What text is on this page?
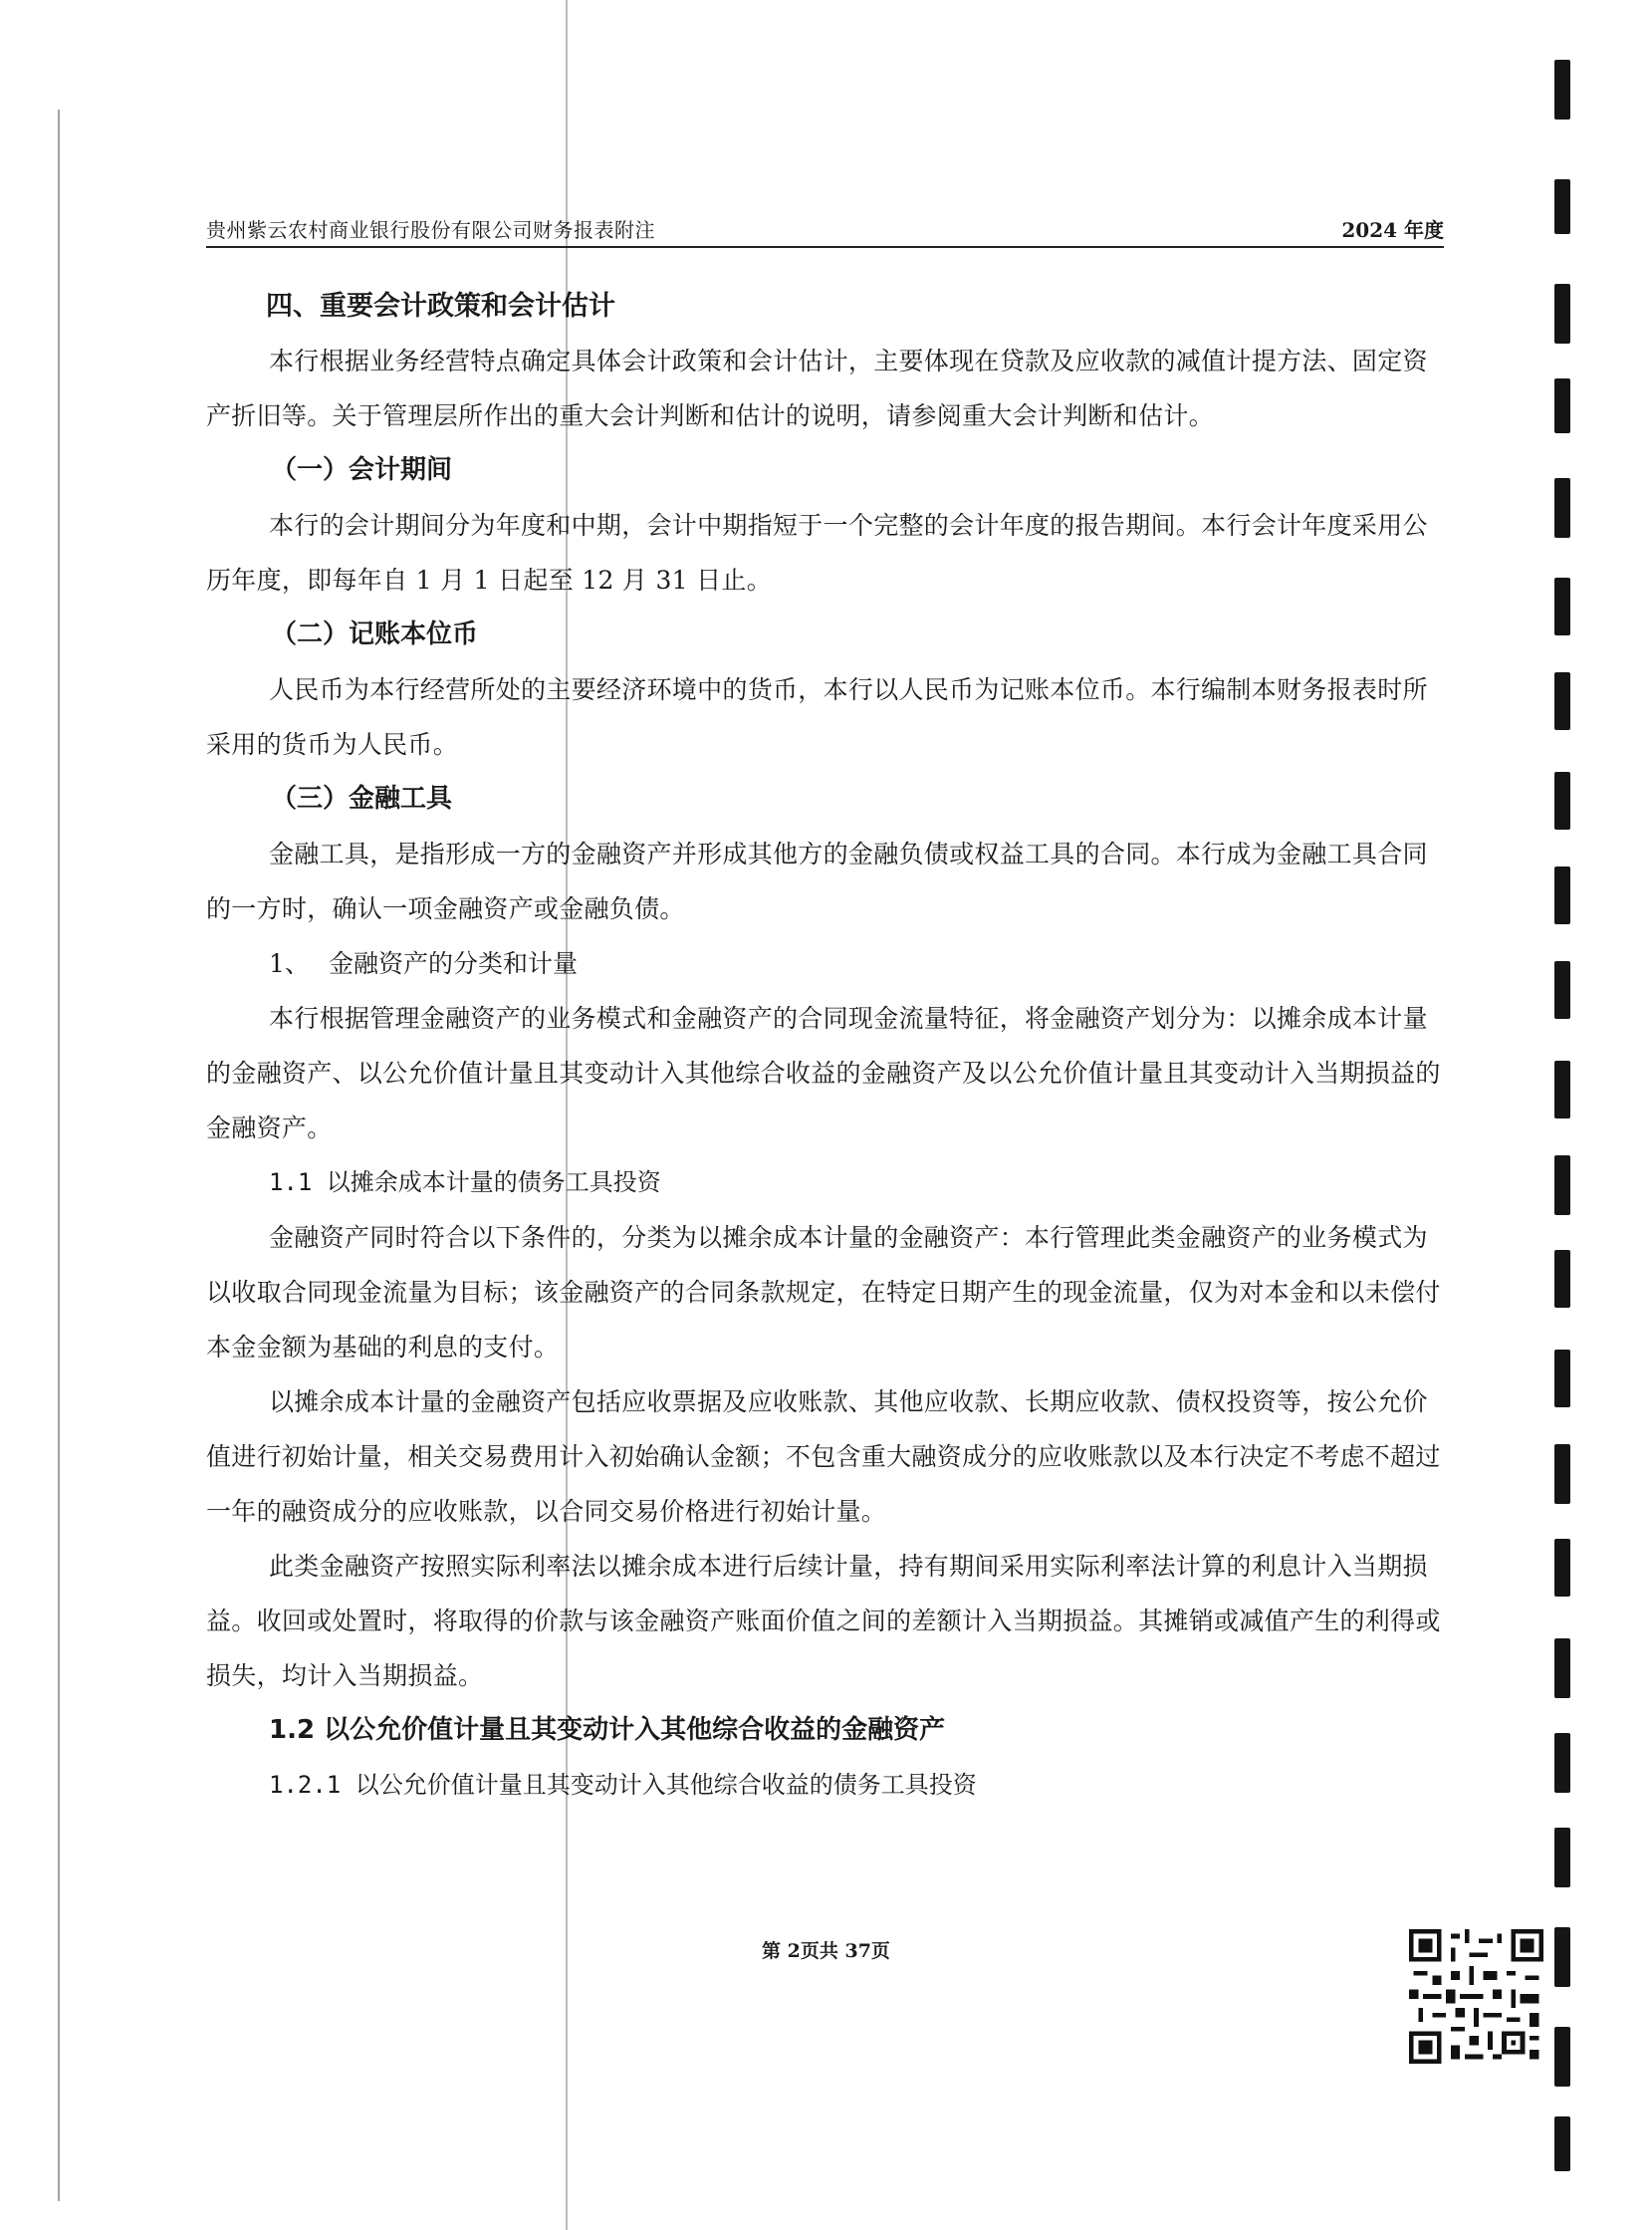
贵州紫云农村商业银行股份有限公司财务报表附注	2024 年度

四、重要会计政策和会计估计

本行根据业务经营特点确定具体会计政策和会计估计，主要体现在贷款及应收款的减值计提方法、固定资产折旧等。关于管理层所作出的重大会计判断和估计的说明，请参阅重大会计判断和估计。

（一）会计期间

本行的会计期间分为年度和中期，会计中期指短于一个完整的会计年度的报告期间。本行会计年度采用公历年度，即每年自 1 月 1 日起至 12 月 31 日止。

（二）记账本位币

人民币为本行经营所处的主要经济环境中的货币，本行以人民币为记账本位币。本行编制本财务报表时所采用的货币为人民币。

（三）金融工具

金融工具，是指形成一方的金融资产并形成其他方的金融负债或权益工具的合同。本行成为金融工具合同的一方时，确认一项金融资产或金融负债。

1、 金融资产的分类和计量

本行根据管理金融资产的业务模式和金融资产的合同现金流量特征，将金融资产划分为：以摊余成本计量的金融资产、以公允价值计量且其变动计入其他综合收益的金融资产及以公允价值计量且其变动计入当期损益的金融资产。

1.1 以摊余成本计量的债务工具投资

金融资产同时符合以下条件的，分类为以摊余成本计量的金融资产：本行管理此类金融资产的业务模式为以收取合同现金流量为目标；该金融资产的合同条款规定，在特定日期产生的现金流量，仅为对本金和以未偿付本金金额为基础的利息的支付。

以摊余成本计量的金融资产包括应收票据及应收账款、其他应收款、长期应收款、债权投资等，按公允价值进行初始计量，相关交易费用计入初始确认金额；不包含重大融资成分的应收账款以及本行决定不考虑不超过一年的融资成分的应收账款，以合同交易价格进行初始计量。

此类金融资产按照实际利率法以摊余成本进行后续计量，持有期间采用实际利率法计算的利息计入当期损益。收回或处置时，将取得的价款与该金融资产账面价值之间的差额计入当期损益。其摊销或减值产生的利得或损失，均计入当期损益。

1.2 以公允价值计量且其变动计入其他综合收益的金融资产

1.2.1 以公允价值计量且其变动计入其他综合收益的债务工具投资

第 2页共 37页
